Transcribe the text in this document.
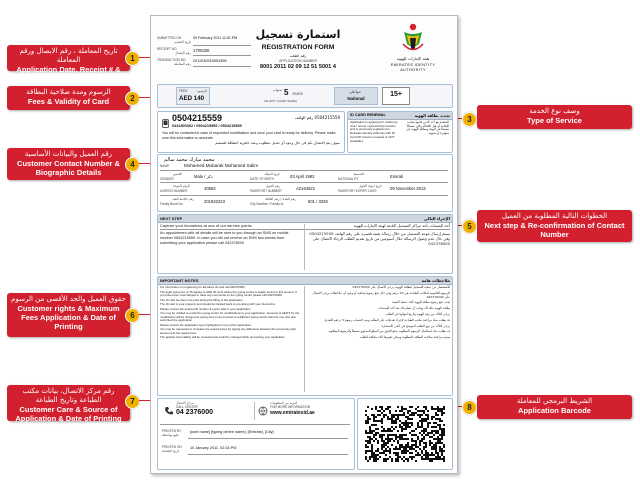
تاريخ المعاملة ، رقم الايصال ورقم المعاملة
Application Date, Receipt # & PRAN
1
الرسوم ومدة صلاحية البطاقة
Fees & Validity of Card	2
رقم العميل والبيانات الأساسية
Customer Contact Number & Biographic Details
4
حقوق العميل والحد الأقصى من الرسوم
Customer rights & Maximum Fees Application & Date of Printing
6
رقم مركز الاتصال، بيانات مكتب الطباعة وتاريخ الطباعة
Customer Care & Source of Application & Date of Printing
7
3
وصف نوع الخدمة
Type of Service
5
الخطوات التالية المطلوبة من العميل
Next step & Re-confirmation of Contact Number
8
الشريط البرمجي للمعاملة
Application Barcode
SUBMITTED ON
تاريخ التقديم
09 February 2011 11:51 PM
RECEIPT NO.
رقم الإيصال 1700330
TRANSACTION NO.
رقم المعاملة
2011030915951998
استمارة تسجيل
REGISTRATION FORM
رقم الطلب
APPLICATION NUMBER
8001 2011 02 09 12 51 5001 4
هيئة الإمارات للهوية
EMIRATES IDENTITY AUTHORITY
الرسوم
FEES
AED 140
سنوات 5 YEARS
VALIDITY (CARD YEARS)
مواطن
National
15+
0504215559	0504215559 رقم الهاتف
0431900302 / 0504215559 / 0504215559

You will be contacted in case of requested modification and once your card is ready for delivery. Please make sure this information is accurate.

سوف يتم الاتصال بكم في حال وجود أي تعديل مطلوب وعند جاهزية البطاقة للتسليم

ID CARD RENEWAL	تجديد بطاقة الهوية

Application is applying for residency visa / renew / sponsorship transfer and is previously registered in Emirates Identity Authority with ID Card (ID Card is renewed or NOT available)

المتقدم هو أحد الذين قاموا بتجديد الإقامة أو نقل الكفالة وكان مسجلاً مسبقاً في الهيئة وبطاقة الهوية غير متوفرة أو منتهية

محمد مبارك محمد سالم
NAME	Mohamed Mubarak Mohamed Salim
الجنس
GENDER	Male / ذكر	تاريخ الميلاد
DATE OF BIRTH	03 April 1982	الجنسية
NATIONALITY	Emirati
الرقم الموحد
UNIFIED NUMBER	40582	رقم الجواز
PASSPORT NUMBER	A2164521	تاريخ انتهاء الجواز
PASSPORT EXPIRY DATE	09 November 2013
رقم خلاصة القيد
Family Book No.	201922223	رقم البلدة / رقم العائلة
City Number / Family Id	601 / 3326
NEXT STEP	الإجراء التالي
Capture your biometrics at one of our service points	أخذ البصمات بأحد مراكز التسجيل التابعة لهيئة الإمارات للهوية

An appointment with all details will be sent to you through an SMS on mobile number 0504215559. In case you did not receive an SMS two weeks from submitting your application please call 042376000

سيتم إرسال موعد التسجيل من خلال رسالة نصية قصيرة على رقم الهاتف 0504215559 وفي حال عدم وصول الرسالة خلال أسبوعين من تاريخ تقديم الطلب الرجاء الاتصال على 042376000

IMPORTANT NOTES	ملاحظات هامة

For information on registering for Emirates ID card call 042376000

The legal typing fee of 15 applies to AED 30 units where the typing centre is legally bound to this amount. If you have been overcharged or have any comments on the typing centre please call 042376000

The ID card fee has to be paid during the filling of the application

The ID card is your property and should be handed back to you along with your biometrics

Please receive the entered ID number & expiry date in your application

You may be notified to revisit the typing centre for modifications to your application. Amounts of AED 5 for the modification will be charged as typing fees if you proceed to a different typing centre than the one who last submitted the application

Please receive the application type highlighted on top of the application.

You may be requested to complete the required fees by paying any difference between the previously paid amount and the required fee

The applied card validity will be reviewed and could be changed while processing your application

للاستفسار عن عملية التسجيل لبطاقة الهوية، يرجى الاتصال على 042376000

الرسوم القانونية لمكاتب الطباعة هي 30 درهم وفي حال دفع رسوم إضافية أو وجود أي ملاحظات يرجى الاتصال على 042376000

يجب دفع رسوم بطاقة الهوية أثناء عملية التعبئة

بطاقة الهوية ملك لك ويجب أن تسلم لك بعد أخذ البصمات

يرجى التأكد من رقم الهوية وتاريخ انتهائها في الطلب

قد يطلب منك مراجعة مكتب الطباعة لإجراء تعديلات على الطلب ويتم احتساب رسوم 5 دراهم للتعديل

يرجى التأكد من نوع الطلب الموضح في أعلى الاستمارة

قد يطلب منك استكمال الرسوم المطلوبة بدفع الفرق بين المبلغ المدفوع مسبقاً والرسوم المطلوبة

سيتم مراجعة صلاحية البطاقة المطلوبة ويمكن تغييرها أثناء معالجة الطلب

مركز الاتصال
CALL CENTER
04 2376000
لمزيد من المعلومات
FOR MORE INFORMATION
www.emiratesid.ae
PRINTED BY
طبع بواسطة
[user name] [typing centre name], [Emirate], [City]
PRINTED ON
تاريخ الطباعة
10 January 2011, 02:34 PM
